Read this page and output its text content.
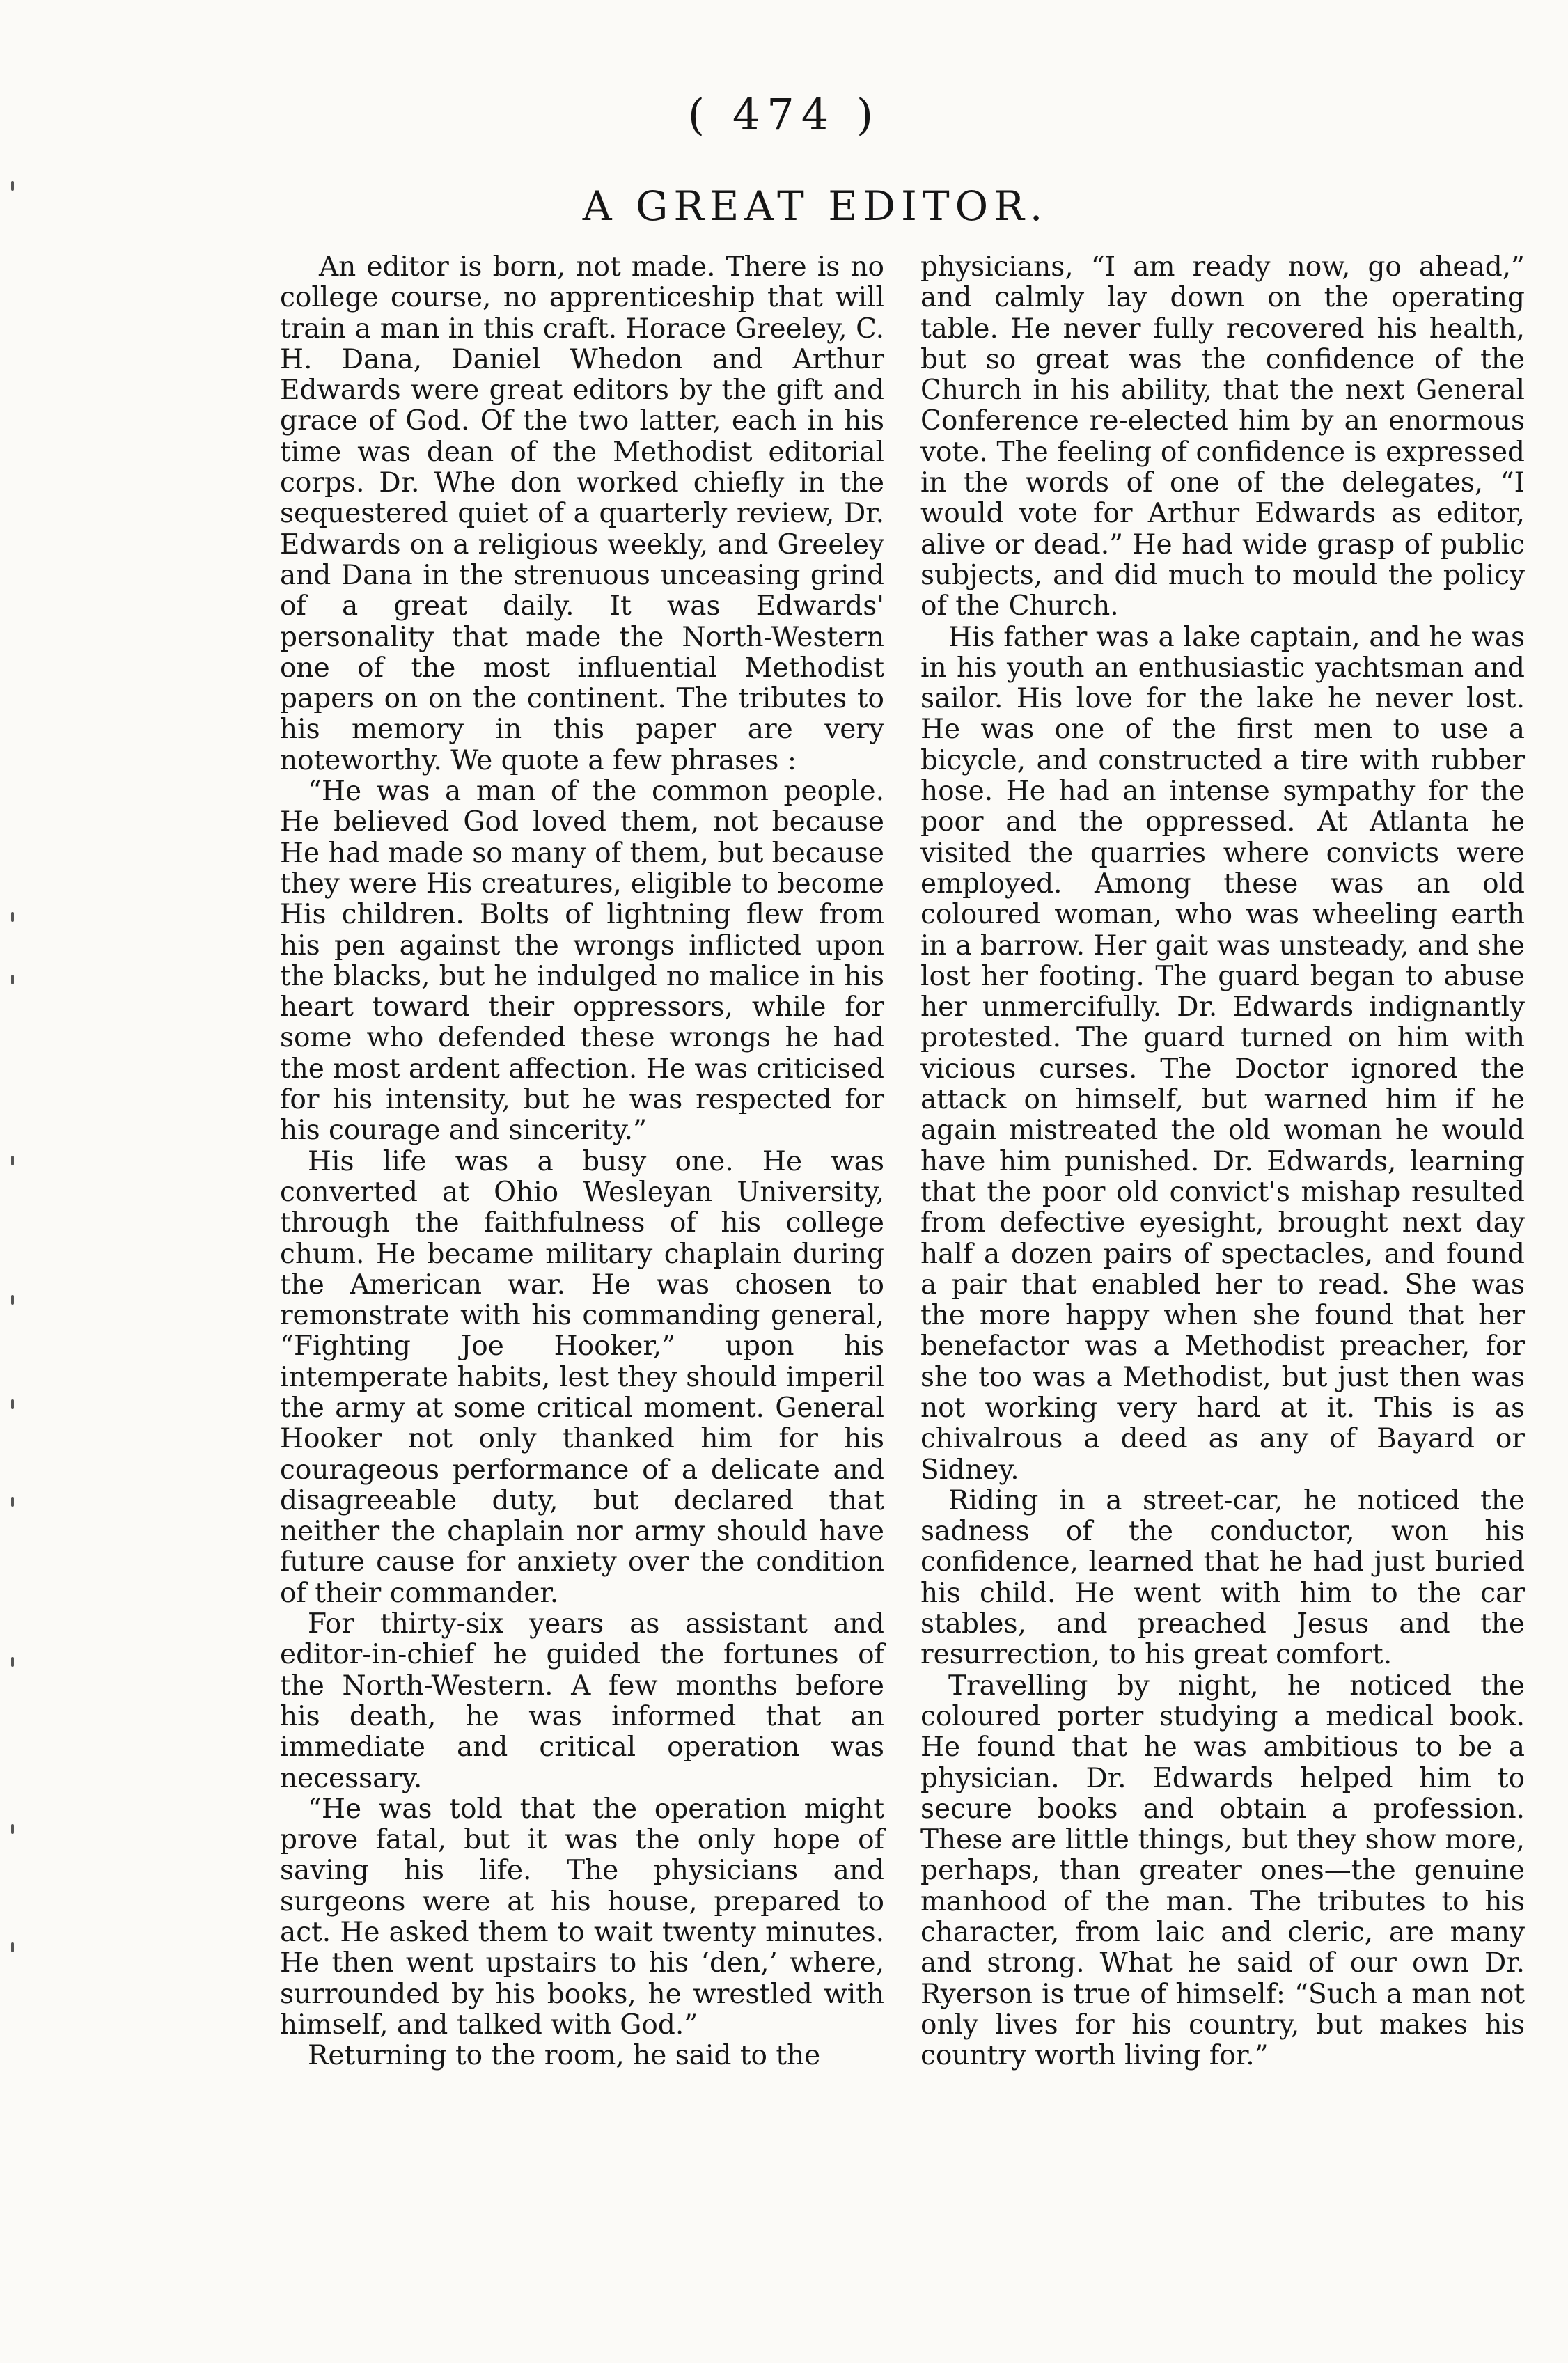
( 474 )
A GREAT EDITOR.

An editor is born, not made. There is no college course, no apprenticeship that will train a man in this craft. Horace Greeley, C. H. Dana, Daniel Whedon and Arthur Edwards were great editors by the gift and grace of God. Of the two latter, each in his time was dean of the Methodist editorial corps. Dr. Whe don worked chiefly in the sequestered quiet of a quarterly review, Dr. Edwards on a religious weekly, and Greeley and Dana in the strenuous unceasing grind of a great daily. It was Edwards' personality that made the North-Western one of the most influential Methodist papers on on the continent. The tributes to his memory in this paper are very noteworthy. We quote a few phrases :

“He was a man of the common people. He believed God loved them, not because He had made so many of them, but because they were His creatures, eligible to become His children. Bolts of lightning flew from his pen against the wrongs inflicted upon the blacks, but he indulged no malice in his heart toward their oppressors, while for some who defended these wrongs he had the most ardent affection. He was criticised for his intensity, but he was respected for his courage and sincerity.”

His life was a busy one. He was converted at Ohio Wesleyan University, through the faithfulness of his college chum. He became military chaplain during the American war. He was chosen to remonstrate with his commanding general, “Fighting Joe Hooker,” upon his intemperate habits, lest they should imperil the army at some critical moment. General Hooker not only thanked him for his courageous performance of a delicate and disagreeable duty, but declared that neither the chaplain nor army should have future cause for anxiety over the condition of their commander.

For thirty-six years as assistant and editor-in-chief he guided the fortunes of the North-Western. A few months before his death, he was informed that an immediate and critical operation was necessary.

“He was told that the operation might prove fatal, but it was the only hope of saving his life. The physicians and surgeons were at his house, prepared to act. He asked them to wait twenty minutes. He then went upstairs to his ‘den,’ where, surrounded by his books, he wrestled with himself, and talked with God.”

Returning to the room, he said to the

physicians, “I am ready now, go ahead,” and calmly lay down on the operating table. He never fully recovered his health, but so great was the confidence of the Church in his ability, that the next General Conference re-elected him by an enormous vote. The feeling of confidence is expressed in the words of one of the delegates, “I would vote for Arthur Edwards as editor, alive or dead.” He had wide grasp of public subjects, and did much to mould the policy of the Church.

His father was a lake captain, and he was in his youth an enthusiastic yachtsman and sailor. His love for the lake he never lost. He was one of the first men to use a bicycle, and constructed a tire with rubber hose. He had an intense sympathy for the poor and the oppressed. At Atlanta he visited the quarries where convicts were employed. Among these was an old coloured woman, who was wheeling earth in a barrow. Her gait was unsteady, and she lost her footing. The guard began to abuse her unmercifully. Dr. Edwards indignantly protested. The guard turned on him with vicious curses. The Doctor ignored the attack on himself, but warned him if he again mistreated the old woman he would have him punished. Dr. Edwards, learning that the poor old convict's mishap resulted from defective eyesight, brought next day half a dozen pairs of spectacles, and found a pair that enabled her to read. She was the more happy when she found that her benefactor was a Methodist preacher, for she too was a Methodist, but just then was not working very hard at it. This is as chivalrous a deed as any of Bayard or Sidney.

Riding in a street-car, he noticed the sadness of the conductor, won his confidence, learned that he had just buried his child. He went with him to the car stables, and preached Jesus and the resurrection, to his great comfort.

Travelling by night, he noticed the coloured porter studying a medical book. He found that he was ambitious to be a physician. Dr. Edwards helped him to secure books and obtain a profession. These are little things, but they show more, perhaps, than greater ones—the genuine manhood of the man. The tributes to his character, from laic and cleric, are many and strong. What he said of our own Dr. Ryerson is true of himself: “Such a man not only lives for his country, but makes his country worth living for.”
